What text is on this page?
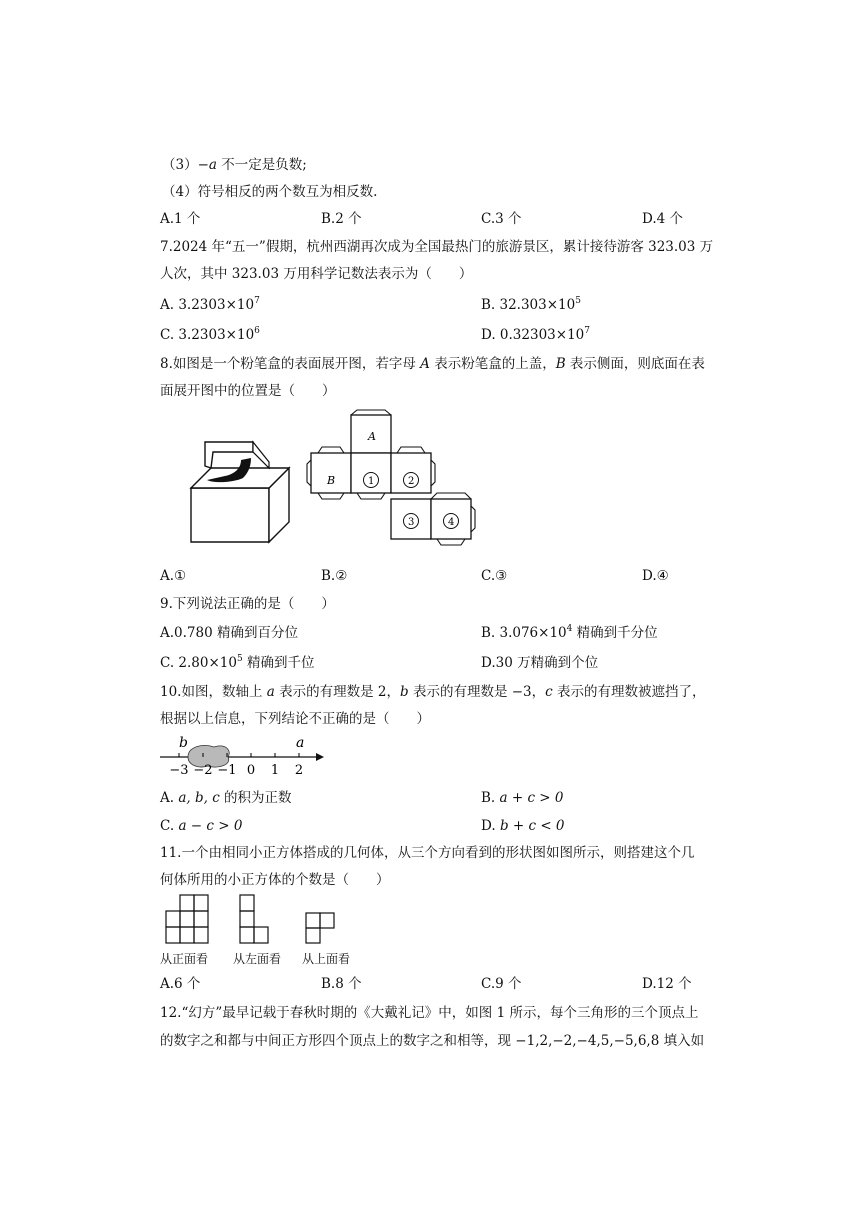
（3）−a 不一定是负数;
（4）符号相反的两个数互为相反数.
A.1 个	B.2 个	C.3 个	D.4 个
7.2024 年“五一”假期，杭州西湖再次成为全国最热门的旅游景区，累计接待游客 323.03 万
人次，其中 323.03 万用科学记数法表示为（　　）
A. $3.2303\times 10^7$	B. $32.303\times 10^5$
C. $3.2303\times 10^6$	D. $0.32303\times 10^7$
8.如图是一个粉笔盒的表面展开图，若字母 A 表示粉笔盒的上盖，B 表示侧面，则底面在表
面展开图中的位置是（　　）
A
B	1	2
3	4
A.①	B.②	C.③	D.④
9.下列说法正确的是（　　）
A.0.780 精确到百分位	B. $3.076\times 10^4$ 精确到千分位
C. $2.80\times 10^5$ 精确到千位	D.30 万精确到个位
10.如图，数轴上 a 表示的有理数是 2，b 表示的有理数是 −3，c 表示的有理数被遮挡了，
根据以上信息，下列结论不正确的是（　　）
b	a
−3 −2 −1 0 1 2
A. a, b, c 的积为正数	B. a + c > 0
C. a − c > 0	D. b + c < 0
11.一个由相同小正方体搭成的几何体，从三个方向看到的形状图如图所示，则搭建这个几
何体所用的小正方体的个数是（　　）
从正面看 从左面看 从上面看
A.6 个	B.8 个	C.9 个	D.12 个
12.“幻方”最早记载于春秋时期的《大戴礼记》中，如图 1 所示，每个三角形的三个顶点上
的数字之和都与中间正方形四个顶点上的数字之和相等，现 −1,2,−2,−4,5,−5,6,8 填入如
